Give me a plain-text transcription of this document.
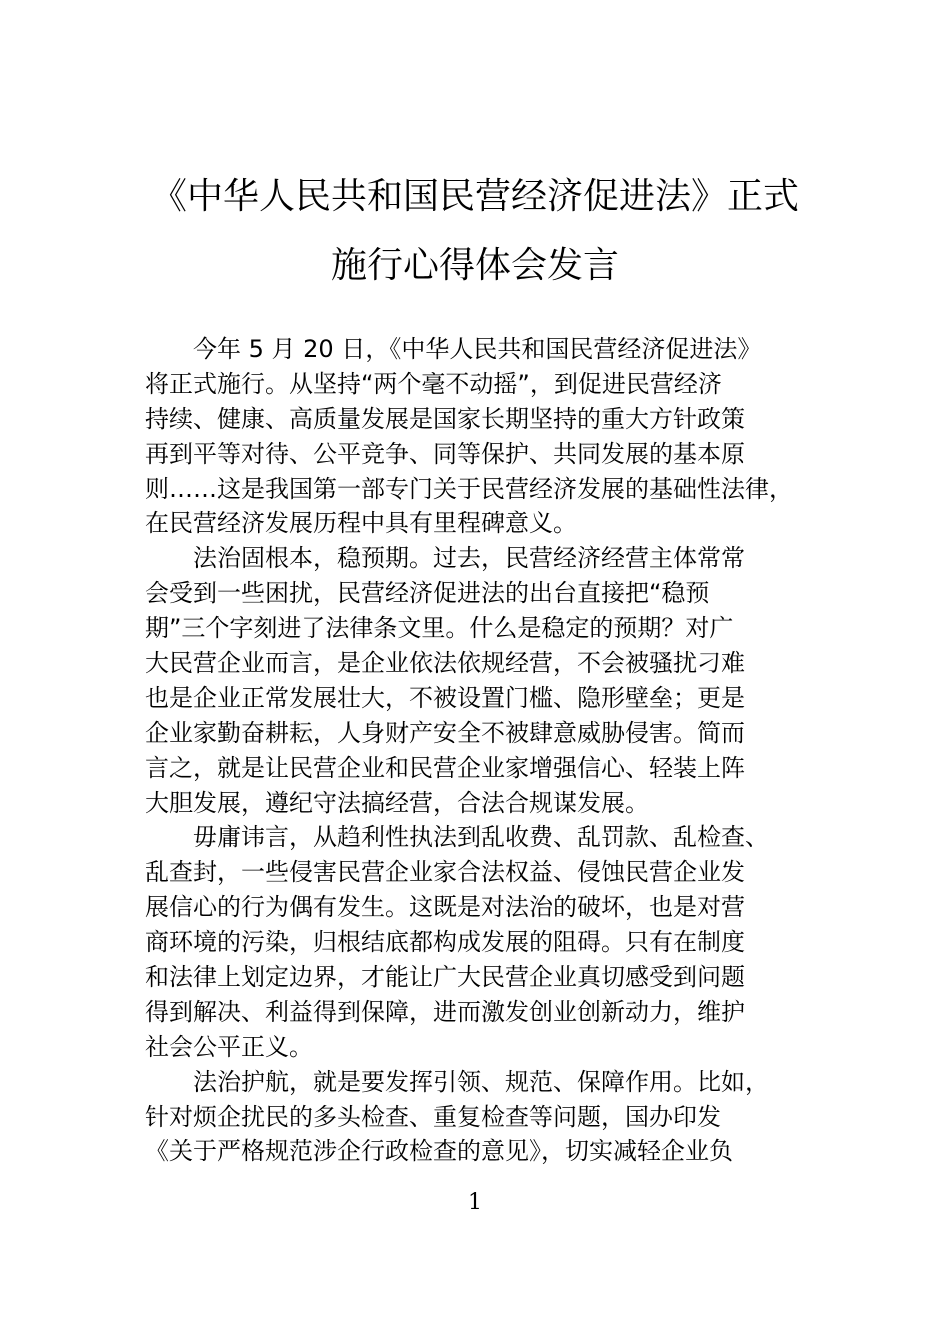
《中华人民共和国民营经济促进法》正式
施行心得体会发言
今年 5 月 20 日，《中华人民共和国民营经济促进法》
将正式施行。从坚持“两个毫不动摇”，到促进民营经济
持续、健康、高质量发展是国家长期坚持的重大方针政策
再到平等对待、公平竞争、同等保护、共同发展的基本原
则……这是我国第一部专门关于民营经济发展的基础性法律，
在民营经济发展历程中具有里程碑意义。
法治固根本，稳预期。过去，民营经济经营主体常常
会受到一些困扰，民营经济促进法的出台直接把“稳预
期”三个字刻进了法律条文里。什么是稳定的预期？对广
大民营企业而言，是企业依法依规经营，不会被骚扰刁难
也是企业正常发展壮大，不被设置门槛、隐形壁垒；更是
企业家勤奋耕耘，人身财产安全不被肆意威胁侵害。简而
言之，就是让民营企业和民营企业家增强信心、轻装上阵
大胆发展，遵纪守法搞经营，合法合规谋发展。
毋庸讳言，从趋利性执法到乱收费、乱罚款、乱检查、
乱查封，一些侵害民营企业家合法权益、侵蚀民营企业发
展信心的行为偶有发生。这既是对法治的破坏，也是对营
商环境的污染，归根结底都构成发展的阻碍。只有在制度
和法律上划定边界，才能让广大民营企业真切感受到问题
得到解决、利益得到保障，进而激发创业创新动力，维护
社会公平正义。
法治护航，就是要发挥引领、规范、保障作用。比如，
针对烦企扰民的多头检查、重复检查等问题，国办印发
《关于严格规范涉企行政检查的意见》，切实减轻企业负
1
